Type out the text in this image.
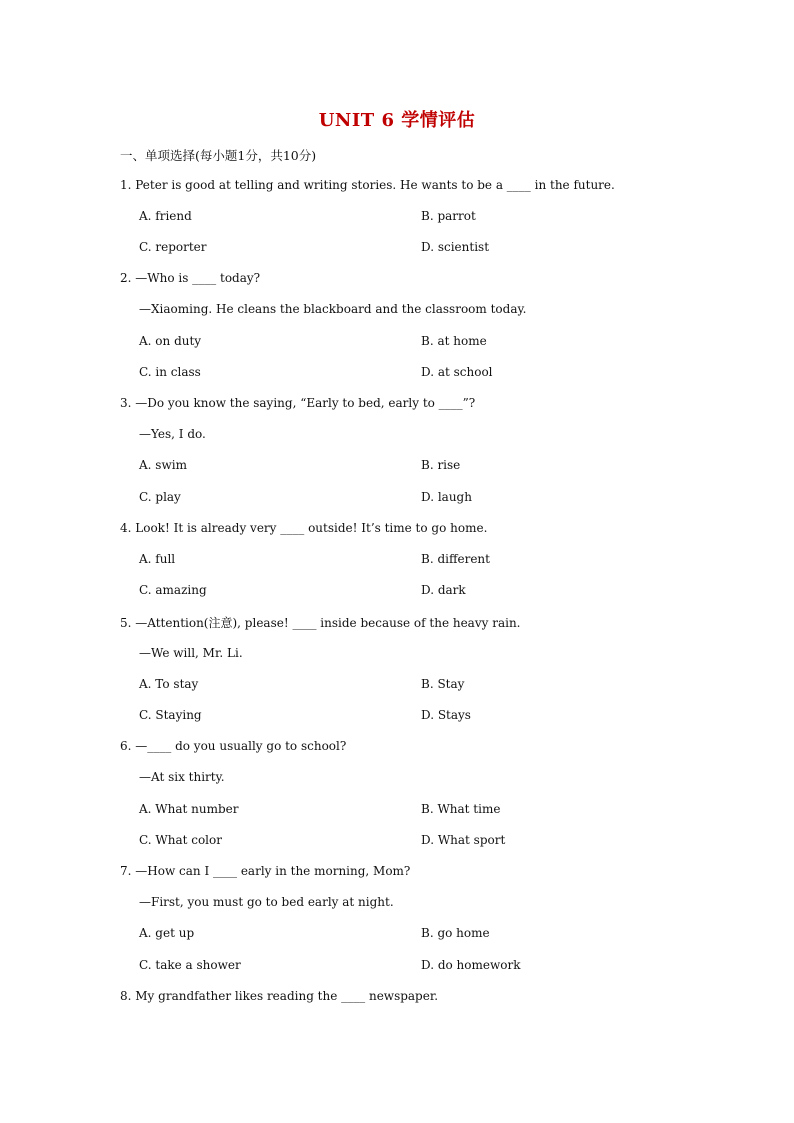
UNIT 6 学情评估
一、单项选择(每小题1分，共10分)
1. Peter is good at telling and writing stories. He wants to be a ____ in the future.
A. friend	B. parrot
C. reporter	D. scientist
2. —Who is ____ today?
—Xiaoming. He cleans the blackboard and the classroom today.
A. on duty	B. at home
C. in class	D. at school
3. —Do you know the saying, “Early to bed, early to ____”?
—Yes, I do.
A. swim	B. rise
C. play	D. laugh
4. Look! It is already very ____ outside! It’s time to go home.
A. full	B. different
C. amazing	D. dark
5. —Attention(注意), please! ____ inside because of the heavy rain.
—We will, Mr. Li.
A. To stay	B. Stay
C. Staying	D. Stays
6. —____ do you usually go to school?
—At six thirty.
A. What number	B. What time
C. What color	D. What sport
7. —How can I ____ early in the morning, Mom?
—First, you must go to bed early at night.
A. get up	B. go home
C. take a shower	D. do homework
8. My grandfather likes reading the ____ newspaper.
